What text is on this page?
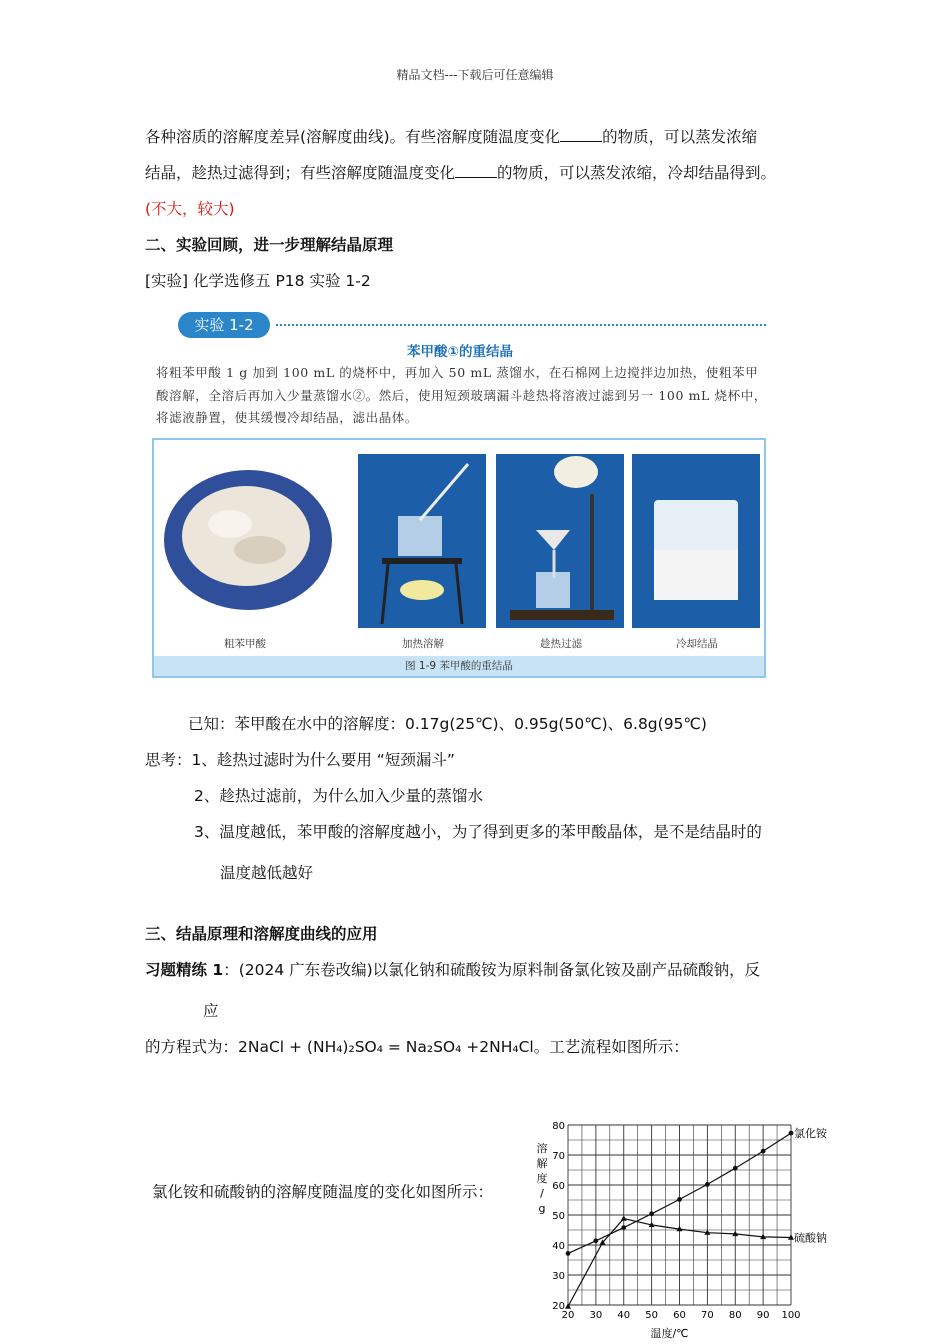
精品文档---下载后可任意编辑
各种溶质的溶解度差异(溶解度曲线)。有些溶解度随温度变化	的物质，可以蒸发浓缩
结晶，趁热过滤得到；有些溶解度随温度变化	的物质，可以蒸发浓缩，冷却结晶得到。
(不大，较大)
二、实验回顾，进一步理解结晶原理
[实验] 化学选修五 P18 实验 1-2
实验 1-2
苯甲酸①的重结晶
将粗苯甲酸 1 g 加到 100 mL 的烧杯中，再加入 50 mL 蒸馏水，在石棉网上边搅拌边加热，使粗苯甲酸溶解，全溶后再加入少量蒸馏水②。然后，使用短颈玻璃漏斗趁热将溶液过滤到另一 100 mL 烧杯中，将滤液静置，使其缓慢冷却结晶，滤出晶体。
粗苯甲酸	加热溶解	趁热过滤	冷却结晶
图 1-9 苯甲酸的重结晶
已知：苯甲酸在水中的溶解度：0.17g(25℃)、0.95g(50℃)、6.8g(95℃)
思考：1、趁热过滤时为什么要用 “短颈漏斗”
2、趁热过滤前，为什么加入少量的蒸馏水
3、温度越低，苯甲酸的溶解度越小，为了得到更多的苯甲酸晶体，是不是结晶时的
温度越低越好
三、结晶原理和溶解度曲线的应用
习题精练 1：(2024 广东卷改编)以氯化钠和硫酸铵为原料制备氯化铵及副产品硫酸钠，反
应
的方程式为：2NaCl + (NH₄)₂SO₄ = Na₂SO₄ +2NH₄Cl。工艺流程如图所示：
氯化铵和硫酸钠的溶解度随温度的变化如图所示：
20 30 40 50 60 70 80 90 100
20
30
40
50
60
70
80
溶
解
度
/
g
温度/℃
氯化铵
硫酸钠
